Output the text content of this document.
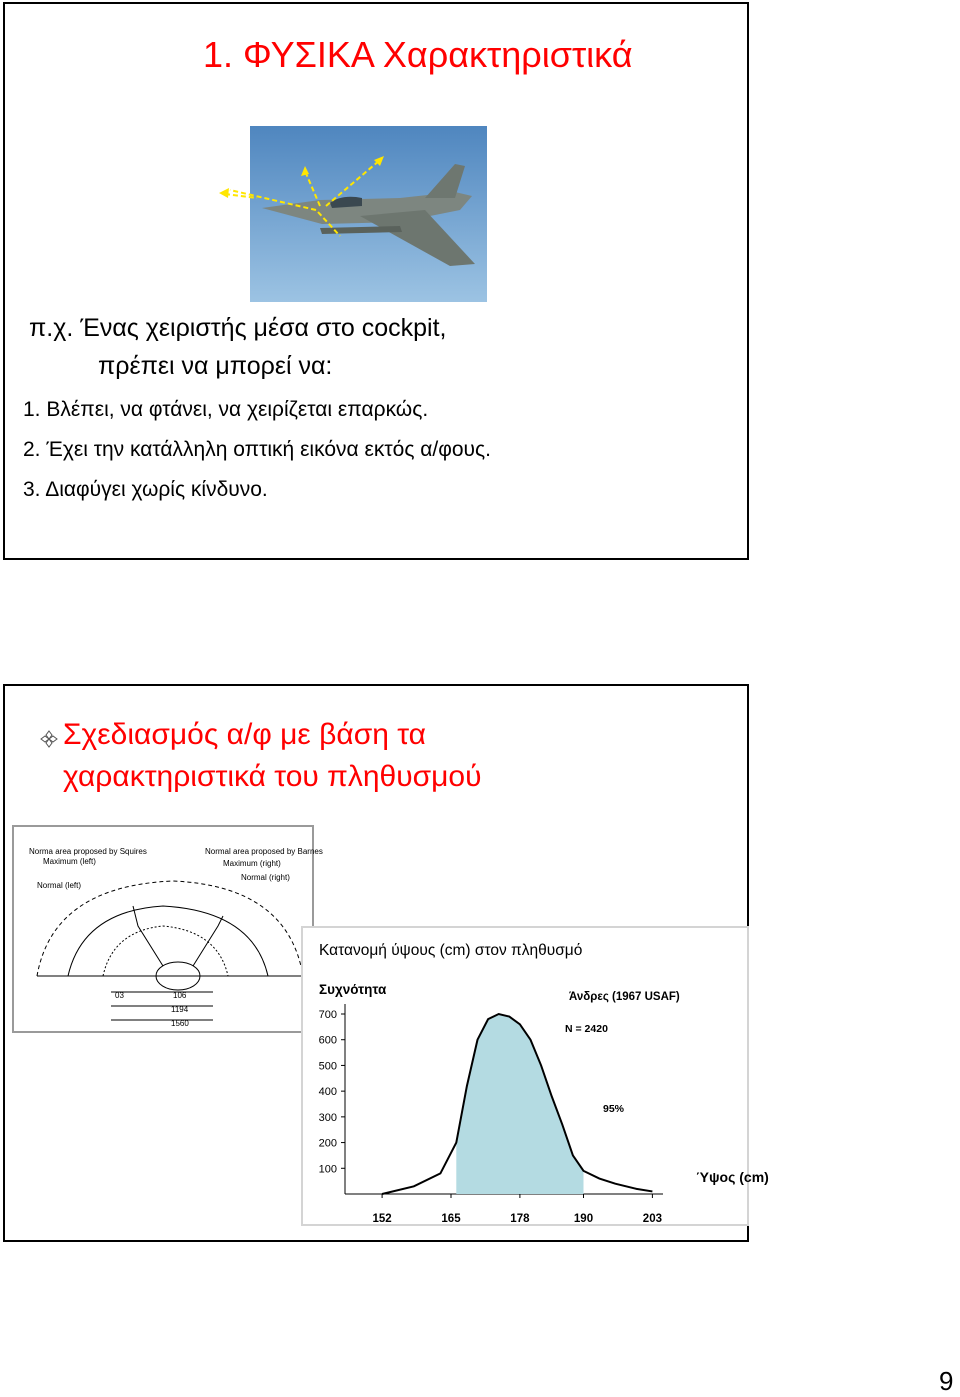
1. ΦΥΣΙΚΑ Χαρακτηριστικά
π.χ. Ένας χειριστής μέσα στο cockpit,
πρέπει να μπορεί να:
1. Βλέπει, να φτάνει, να χειρίζεται επαρκώς.
2. Έχει την κατάλληλη οπτική εικόνα εκτός α/φους.
3. Διαφύγει χωρίς κίνδυνο.
Σχεδιασμός α/φ με βάση τα
χαρακτηριστικά του πληθυσμού
Norma area proposed by Squires
Maximum (left)
Normal (left)
Normal area proposed by Barnes
Maximum (right)
Normal (right)
03	106
1194
1560
Κατανομή ύψους (cm) στον πληθυσμό
Συχνότητα	Άνδρες (1967 USAF)
N = 2420
95%
Ύψος (cm)
100
200
300
400
500
600
700
152	165	178	190	203
9
